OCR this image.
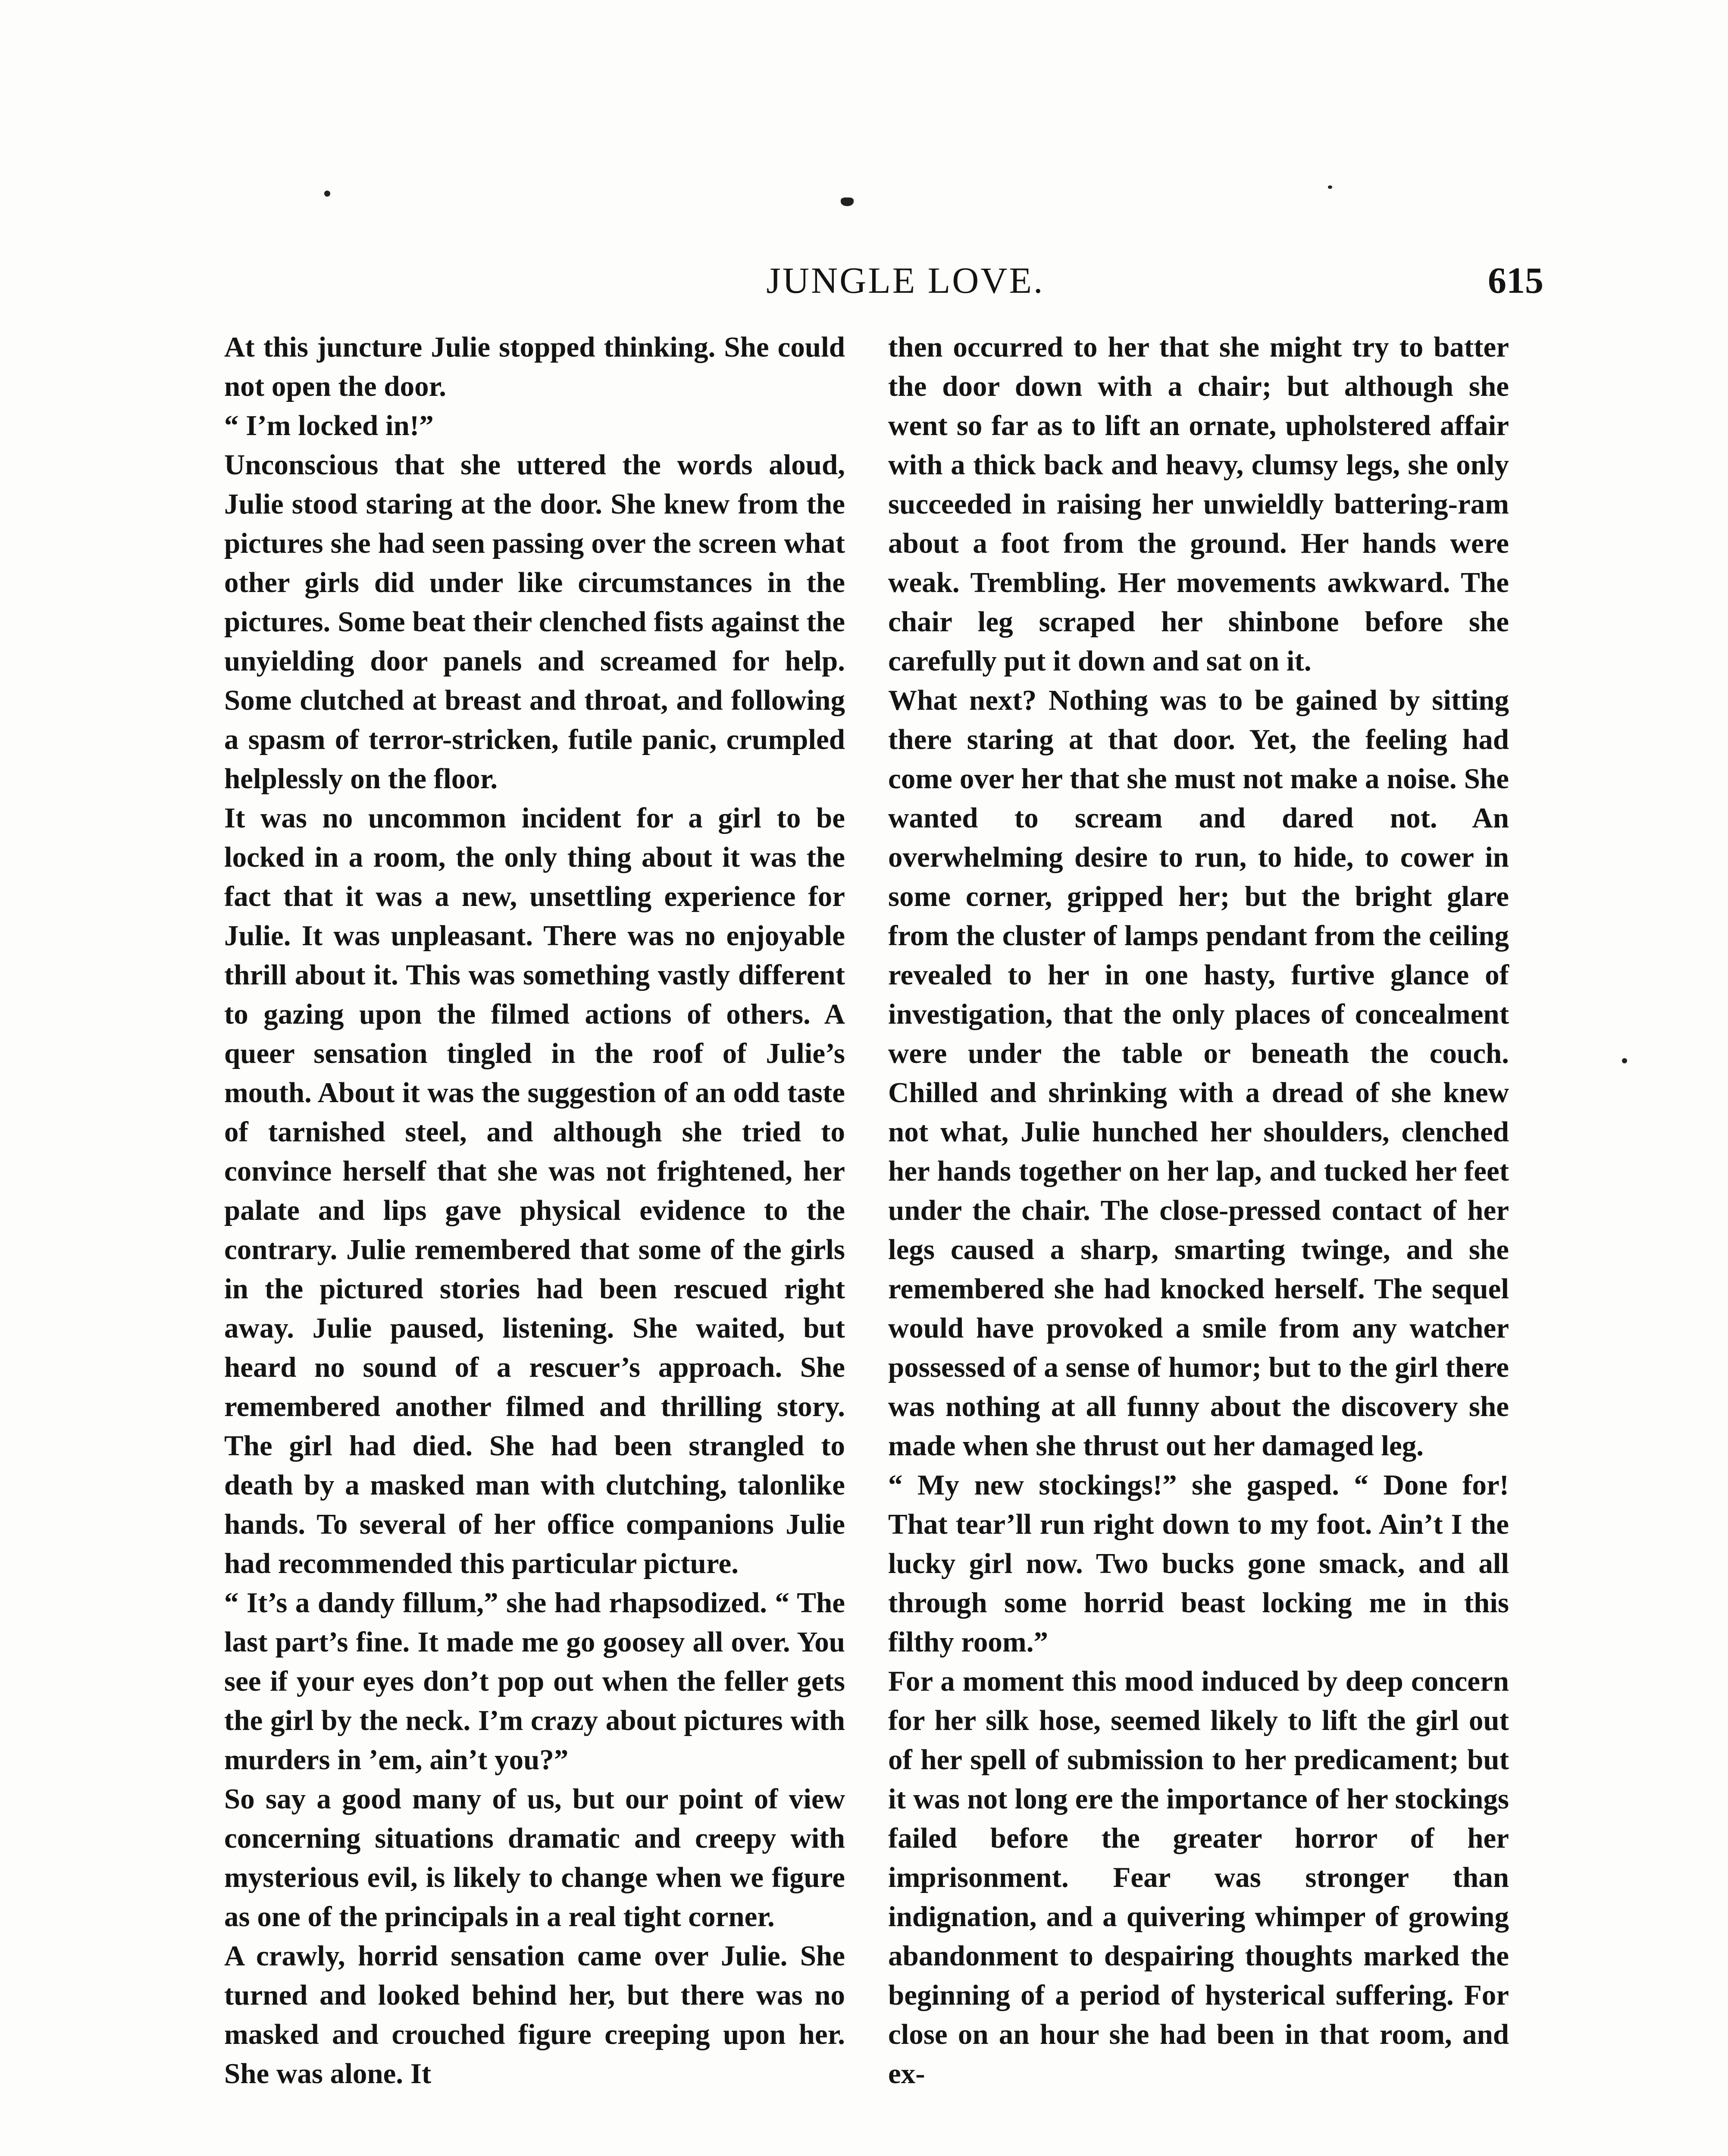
JUNGLE LOVE.	615

At this juncture Julie stopped thinking. She could not open the door.

“ I’m locked in!”

Unconscious that she uttered the words aloud, Julie stood staring at the door. She knew from the pictures she had seen passing over the screen what other girls did under like circumstances in the pictures. Some beat their clenched fists against the unyielding door panels and screamed for help. Some clutched at breast and throat, and following a spasm of terror-stricken, futile panic, crumpled helplessly on the floor.

It was no uncommon incident for a girl to be locked in a room, the only thing about it was the fact that it was a new, unsettling experience for Julie. It was unpleasant. There was no enjoyable thrill about it. This was something vastly different to gazing upon the filmed actions of others. A queer sensation tingled in the roof of Julie’s mouth. About it was the suggestion of an odd taste of tarnished steel, and although she tried to convince herself that she was not frightened, her palate and lips gave physical evidence to the contrary. Julie remembered that some of the girls in the pictured stories had been rescued right away. Julie paused, listening. She waited, but heard no sound of a rescuer’s approach. She remembered another filmed and thrilling story. The girl had died. She had been strangled to death by a masked man with clutching, talonlike hands. To several of her office companions Julie had recommended this particular picture.

“ It’s a dandy fillum,” she had rhapsodized. “ The last part’s fine. It made me go goosey all over. You see if your eyes don’t pop out when the feller gets the girl by the neck. I’m crazy about pictures with murders in ’em, ain’t you?”

So say a good many of us, but our point of view concerning situations dramatic and creepy with mysterious evil, is likely to change when we figure as one of the principals in a real tight corner.

A crawly, horrid sensation came over Julie. She turned and looked behind her, but there was no masked and crouched figure creeping upon her. She was alone. It

then occurred to her that she might try to batter the door down with a chair; but although she went so far as to lift an ornate, upholstered affair with a thick back and heavy, clumsy legs, she only succeeded in raising her unwieldly battering-ram about a foot from the ground. Her hands were weak. Trembling. Her movements awkward. The chair leg scraped her shinbone before she carefully put it down and sat on it.

What next? Nothing was to be gained by sitting there staring at that door. Yet, the feeling had come over her that she must not make a noise. She wanted to scream and dared not. An overwhelming desire to run, to hide, to cower in some corner, gripped her; but the bright glare from the cluster of lamps pendant from the ceiling revealed to her in one hasty, furtive glance of investigation, that the only places of concealment were under the table or beneath the couch. Chilled and shrinking with a dread of she knew not what, Julie hunched her shoulders, clenched her hands together on her lap, and tucked her feet under the chair. The close-pressed contact of her legs caused a sharp, smarting twinge, and she remembered she had knocked herself. The sequel would have provoked a smile from any watcher possessed of a sense of humor; but to the girl there was nothing at all funny about the discovery she made when she thrust out her damaged leg.

“ My new stockings!” she gasped. “ Done for! That tear’ll run right down to my foot. Ain’t I the lucky girl now. Two bucks gone smack, and all through some horrid beast locking me in this filthy room.”

For a moment this mood induced by deep concern for her silk hose, seemed likely to lift the girl out of her spell of submission to her predicament; but it was not long ere the importance of her stockings failed before the greater horror of her imprisonment. Fear was stronger than indignation, and a quivering whimper of growing abandonment to despairing thoughts marked the beginning of a period of hysterical suffering. For close on an hour she had been in that room, and ex-
